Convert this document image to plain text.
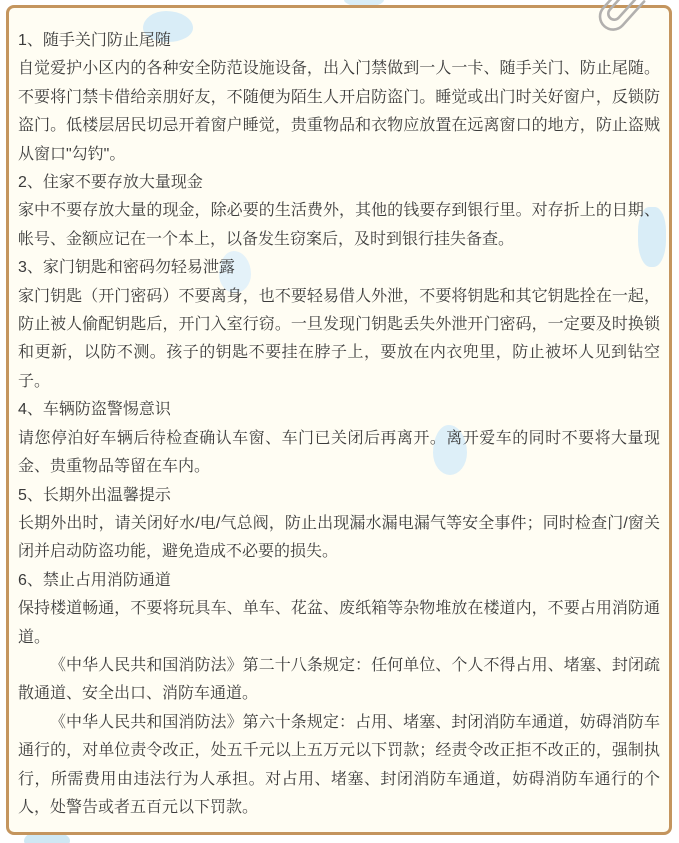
1、随手关门防止尾随

自觉爱护小区内的各种安全防范设施设备，出入门禁做到一人一卡、随手关门、防止尾随。不要将门禁卡借给亲朋好友，不随便为陌生人开启防盗门。睡觉或出门时关好窗户，反锁防盗门。低楼层居民切忌开着窗户睡觉，贵重物品和衣物应放置在远离窗口的地方，防止盗贼从窗口"勾钓"。

2、住家不要存放大量现金

家中不要存放大量的现金，除必要的生活费外，其他的钱要存到银行里。对存折上的日期、帐号、金额应记在一个本上，以备发生窃案后，及时到银行挂失备查。

3、家门钥匙和密码勿轻易泄露

家门钥匙（开门密码）不要离身，也不要轻易借人外泄，不要将钥匙和其它钥匙拴在一起，防止被人偷配钥匙后，开门入室行窃。一旦发现门钥匙丢失外泄开门密码，一定要及时换锁和更新，以防不测。孩子的钥匙不要挂在脖子上，要放在内衣兜里，防止被坏人见到钻空子。

4、车辆防盗警惕意识

请您停泊好车辆后待检查确认车窗、车门已关闭后再离开。离开爱车的同时不要将大量现金、贵重物品等留在车内。

5、长期外出温馨提示

长期外出时，请关闭好水/电/气总阀，防止出现漏水漏电漏气等安全事件；同时检查门/窗关闭并启动防盗功能，避免造成不必要的损失。

6、禁止占用消防通道

保持楼道畅通，不要将玩具车、单车、花盆、废纸箱等杂物堆放在楼道内，不要占用消防通道。

《中华人民共和国消防法》第二十八条规定：任何单位、个人不得占用、堵塞、封闭疏散通道、安全出口、消防车通道。

《中华人民共和国消防法》第六十条规定：占用、堵塞、封闭消防车通道，妨碍消防车通行的，对单位责令改正，处五千元以上五万元以下罚款；经责令改正拒不改正的，强制执行，所需费用由违法行为人承担。对占用、堵塞、封闭消防车通道，妨碍消防车通行的个人，处警告或者五百元以下罚款。
